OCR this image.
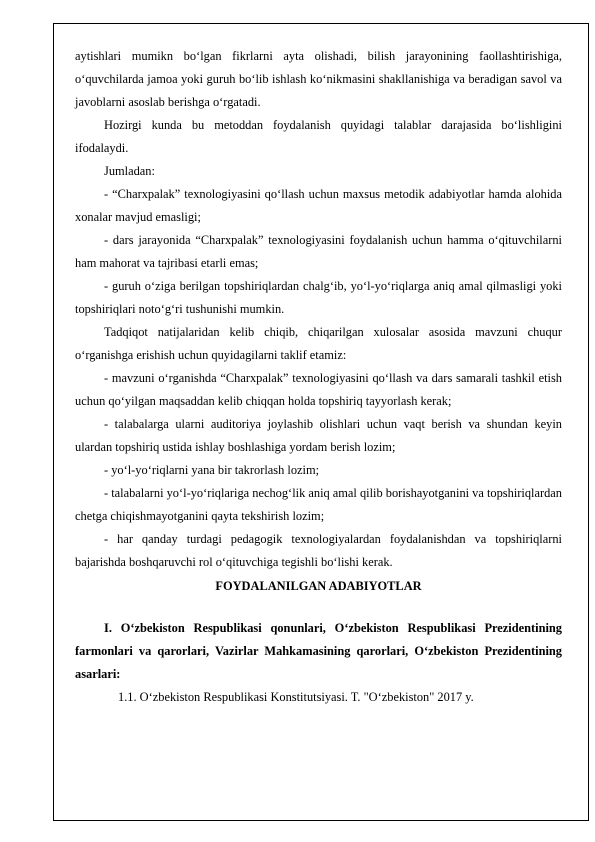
aytishlari mumikn bo‘lgan fikrlarni ayta olishadi, bilish jarayonining faollashtirishiga, o‘quvchilarda jamoa yoki guruh bo‘lib ishlash ko‘nikmasini shakllanishiga va beradigan savol va javoblarni asoslab berishga o‘rgatadi.

Hozirgi kunda bu metoddan foydalanish quyidagi talablar darajasida bo‘lishligini ifodalaydi.

Jumladan:

- “Charxpalak” texnologiyasini qo‘llash uchun maxsus metodik adabiyotlar hamda alohida xonalar mavjud emasligi;

- dars jarayonida “Charxpalak” texnologiyasini foydalanish uchun hamma o‘qituvchilarni ham mahorat va tajribasi etarli emas;

- guruh o‘ziga berilgan topshiriqlardan chalg‘ib, yo‘l-yo‘riqlarga aniq amal qilmasligi yoki topshiriqlari noto‘g‘ri tushunishi mumkin.

Tadqiqot natijalaridan kelib chiqib, chiqarilgan xulosalar asosida mavzuni chuqur o‘rganishga erishish uchun quyidagilarni taklif etamiz:

- mavzuni o‘rganishda “Charxpalak” texnologiyasini qo‘llash va dars samarali tashkil etish uchun qo‘yilgan maqsaddan kelib chiqqan holda topshiriq tayyorlash kerak;

- talabalarga ularni auditoriya joylashib olishlari uchun vaqt berish va shundan keyin ulardan topshiriq ustida ishlay boshlashiga yordam berish lozim;

- yo‘l-yo‘riqlarni yana bir takrorlash lozim;

- talabalarni yo‘l-yo‘riqlariga nechog‘lik aniq amal qilib borishayotganini va topshiriqlardan chetga chiqishmayotganini qayta tekshirish lozim;

- har qanday turdagi pedagogik texnologiyalardan foydalanishdan va topshiriqlarni bajarishda boshqaruvchi rol o‘qituvchiga tegishli bo‘lishi kerak.

FOYDALANILGAN ADABIYOTLAR

I. O‘zbekiston Respublikasi qonunlari, O‘zbekiston Respublikasi Prezidentining farmonlari va qarorlari, Vazirlar Mahkamasining qarorlari, O‘zbekiston Prezidentining asarlari:

1.1. O‘zbekiston Respublikasi Konstitutsiyasi. T. "O‘zbekiston" 2017 y.
